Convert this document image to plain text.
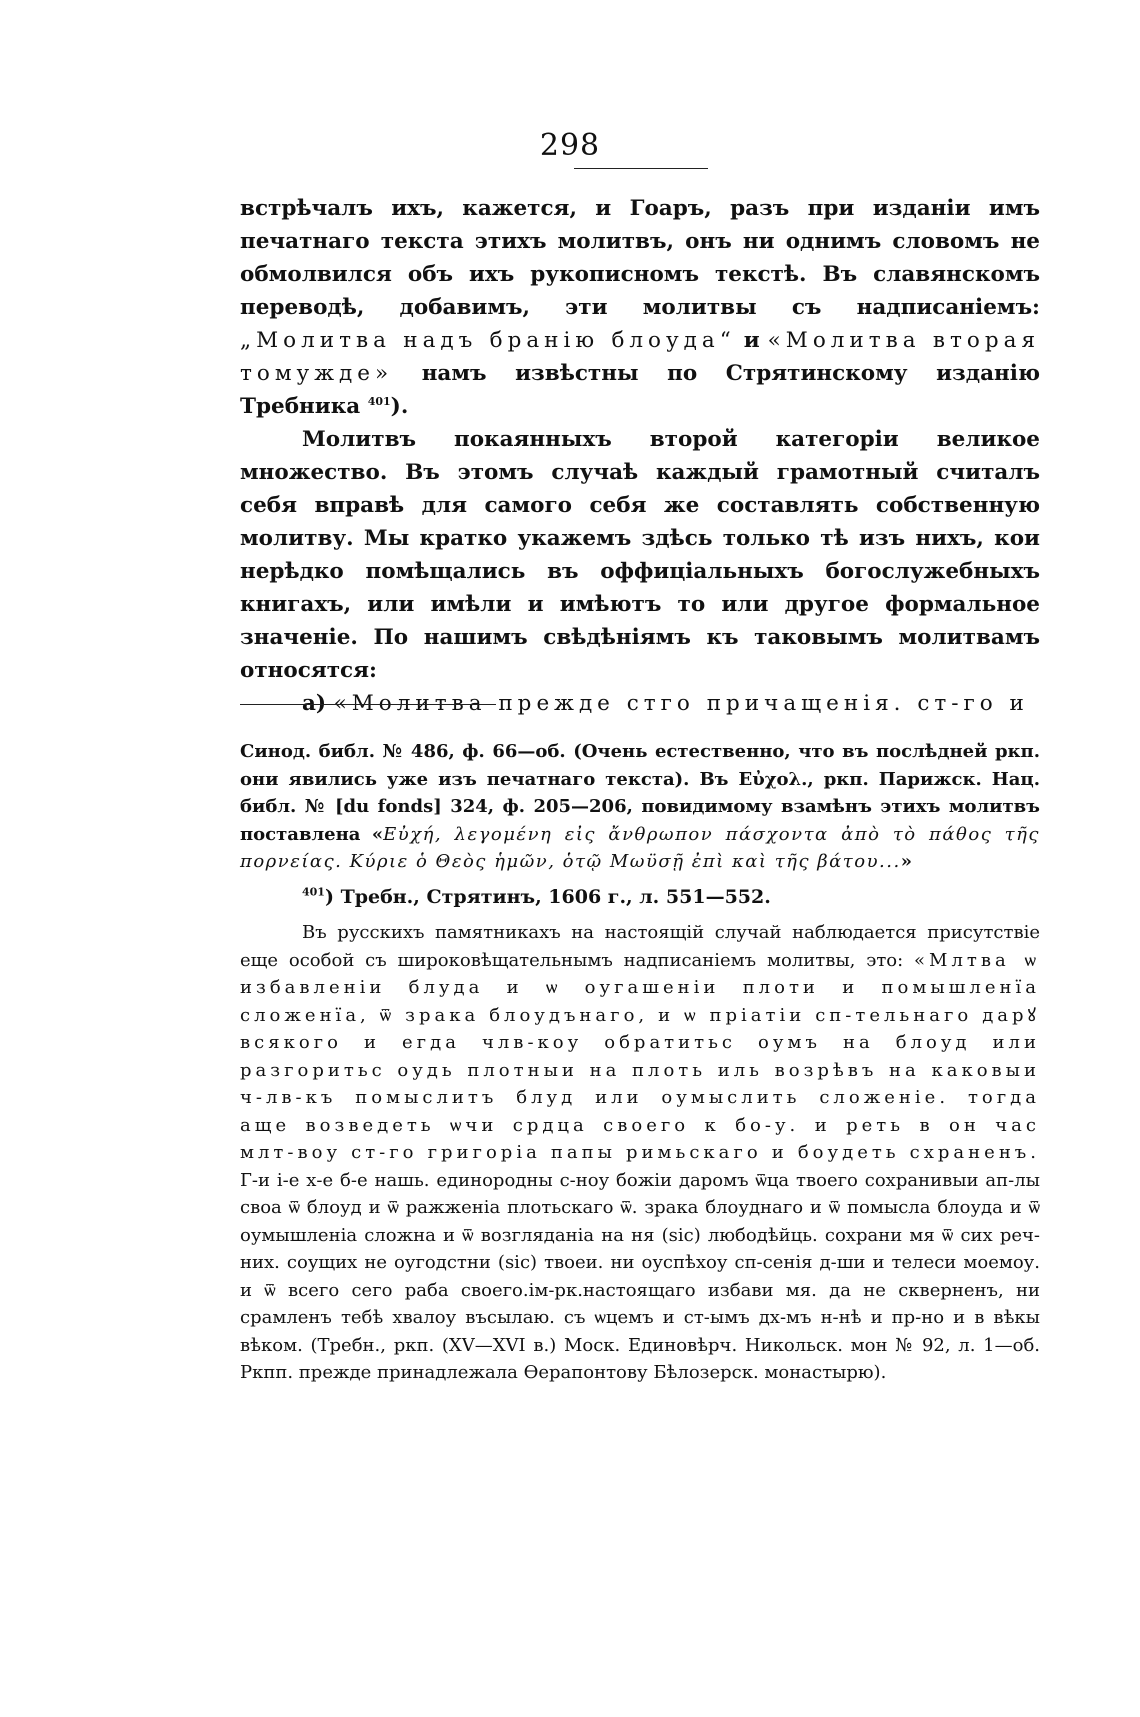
298

встрѣчалъ ихъ, кажется, и Гоаръ, разъ при изданіи имъ печатнаго текста этихъ молитвъ, онъ ни однимъ словомъ не обмолвился объ ихъ рукописномъ текстѣ. Въ славянскомъ переводѣ, добавимъ, эти молитвы съ надписаніемъ: „Молитва надъ бранію блоуда“ и «Молитва вторая томужде» намъ извѣстны по Стрятинскому изданію Требника $^{401}$).

Молитвъ покаянныхъ второй категоріи великое множество. Въ этомъ случаѣ каждый грамотный считалъ себя вправѣ для самого себя же составлять собственную молитву. Мы кратко укажемъ здѣсь только тѣ изъ нихъ, кои нерѣдко помѣщались въ оффиціальныхъ богослужебныхъ книгахъ, или имѣли и имѣютъ то или другое формальное значеніе. По нашимъ свѣдѣніямъ къ таковымъ молитвамъ относятся:

а) «Молитва прежде стго причащенія. ст-го и

Синод. библ. № 486, ф. 66—об. (Очень естественно, что въ послѣдней ркп. они явились уже изъ печатнаго текста). Въ Εὐχολ., ркп. Парижск. Нац. библ. № [du fonds] 324, ф. 205—206, повидимому взамѣнъ этихъ молитвъ поставлена «Εὐχή, λεγομένη εἰς ἄνθρωπον πάσχοντα ἀπὸ τὸ πάθος τῆς πορνείας. Κύριε ὁ Θεὸς ἡμῶν, ὁτῷ Μωϋσῇ ἐπὶ καὶ τῆς βάτου...»

$^{401}$) Требн., Стрятинъ, 1606 г., л. 551—552.

Въ русскихъ памятникахъ на настоящій случай наблюдается присутствіе еще особой съ широковѣщательнымъ надписаніемъ молитвы, это: «Млтва ѡ избавленіи блуда и ѡ оугашеніи плоти и помышленїа сложенїа, ѿ зрака блоудънаго, и ѡ пріатіи сп-тельнаго дарꙋ всякого и егда члв-коу обратитьс оумъ на блоуд или разгоритьс оудь плотныи на плоть иль возрѣвъ на каковыи ч-лв-къ помыслитъ блуд или оумыслить сложеніе. тогда аще возведеть ѡчи срдца своего к бо-у. и реть в он час млт-воу ст-го григоріа папы римьскаго и боудеть схраненъ. Г-и і-е х-е б-е нашь. единородны с-ноу божіи даромъ ѿца твоего сохранивыи ап-лы своа ѿ блоуд и ѿ ражженіа плотьскаго ѿ. зрака блоуднаго и ѿ помысла блоуда и ѿ оумышленіа сложна и ѿ возгляданіа на ня (sic) любодѣйць. сохрани мя ѿ сих реч-них. соущих не оугодстни (sic) твоеи. ни оуспѣхоу сп-сенія д-ши и телеси моемоу. и ѿ всего сего раба своего.ім-рк.настоящаго избави мя. да не скверненъ, ни срамленъ тебѣ хвалоу въсылаю. съ ѡцемъ и ст-ымъ дх-мъ н-нѣ и пр-но и в вѣкы вѣком. (Требн., ркп. (XV—XVI в.) Моск. Единовѣрч. Никольск. мон № 92, л. 1—об. Ркпп. прежде принадлежала Ѳерапонтову Бѣлозерск. монастырю).
